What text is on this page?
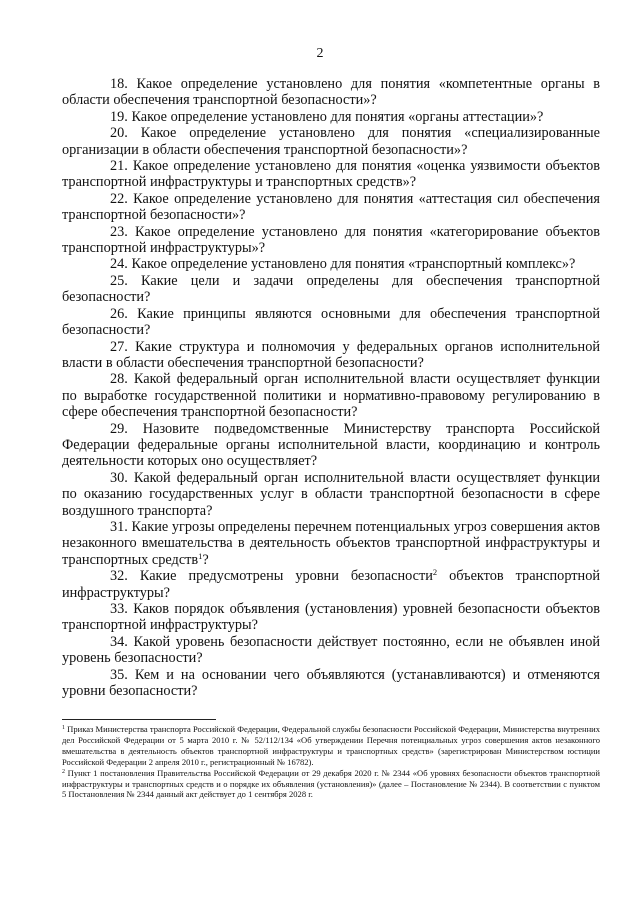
2

18. Какое определение установлено для понятия «компетентные органы в области обеспечения транспортной безопасности»?

19. Какое определение установлено для понятия «органы аттестации»?

20. Какое определение установлено для понятия «специализированные организации в области обеспечения транспортной безопасности»?

21. Какое определение установлено для понятия «оценка уязвимости объектов транспортной инфраструктуры и транспортных средств»?

22. Какое определение установлено для понятия «аттестация сил обеспечения транспортной безопасности»?

23. Какое определение установлено для понятия «категорирование объектов транспортной инфраструктуры»?

24. Какое определение установлено для понятия «транспортный комплекс»?

25. Какие цели и задачи определены для обеспечения транспортной безопасности?

26. Какие принципы являются основными для обеспечения транспортной безопасности?

27. Какие структура и полномочия у федеральных органов исполнительной власти в области обеспечения транспортной безопасности?

28. Какой федеральный орган исполнительной власти осуществляет функции по выработке государственной политики и нормативно-правовому регулированию в сфере обеспечения транспортной безопасности?

29. Назовите подведомственные Министерству транспорта Российской Федерации федеральные органы исполнительной власти, координацию и контроль деятельности которых оно осуществляет?

30. Какой федеральный орган исполнительной власти осуществляет функции по оказанию государственных услуг в области транспортной безопасности в сфере воздушного транспорта?

31. Какие угрозы определены перечнем потенциальных угроз совершения актов незаконного вмешательства в деятельность объектов транспортной инфраструктуры и транспортных средств$^1$?

32. Какие предусмотрены уровни безопасности$^2$ объектов транспортной инфраструктуры?

33. Каков порядок объявления (установления) уровней безопасности объектов транспортной инфраструктуры?

34. Какой уровень безопасности действует постоянно, если не объявлен иной уровень безопасности?

35. Кем и на основании чего объявляются (устанавливаются) и отменяются уровни безопасности?

$^1$ Приказ Министерства транспорта Российской Федерации, Федеральной службы безопасности Российской Федерации, Министерства внутренних дел Российской Федерации от 5 марта 2010 г. № 52/112/134 «Об утверждении Перечня потенциальных угроз совершения актов незаконного вмешательства в деятельность объектов транспортной инфраструктуры и транспортных средств» (зарегистрирован Министерством юстиции Российской Федерации 2 апреля 2010 г., регистрационный № 16782).

$^2$ Пункт 1 постановления Правительства Российской Федерации от 29 декабря 2020 г. № 2344 «Об уровнях безопасности объектов транспортной инфраструктуры и транспортных средств и о порядке их объявления (установления)» (далее – Постановление № 2344). В соответствии с пунктом 5 Постановления № 2344 данный акт действует до 1 сентября 2028 г.
